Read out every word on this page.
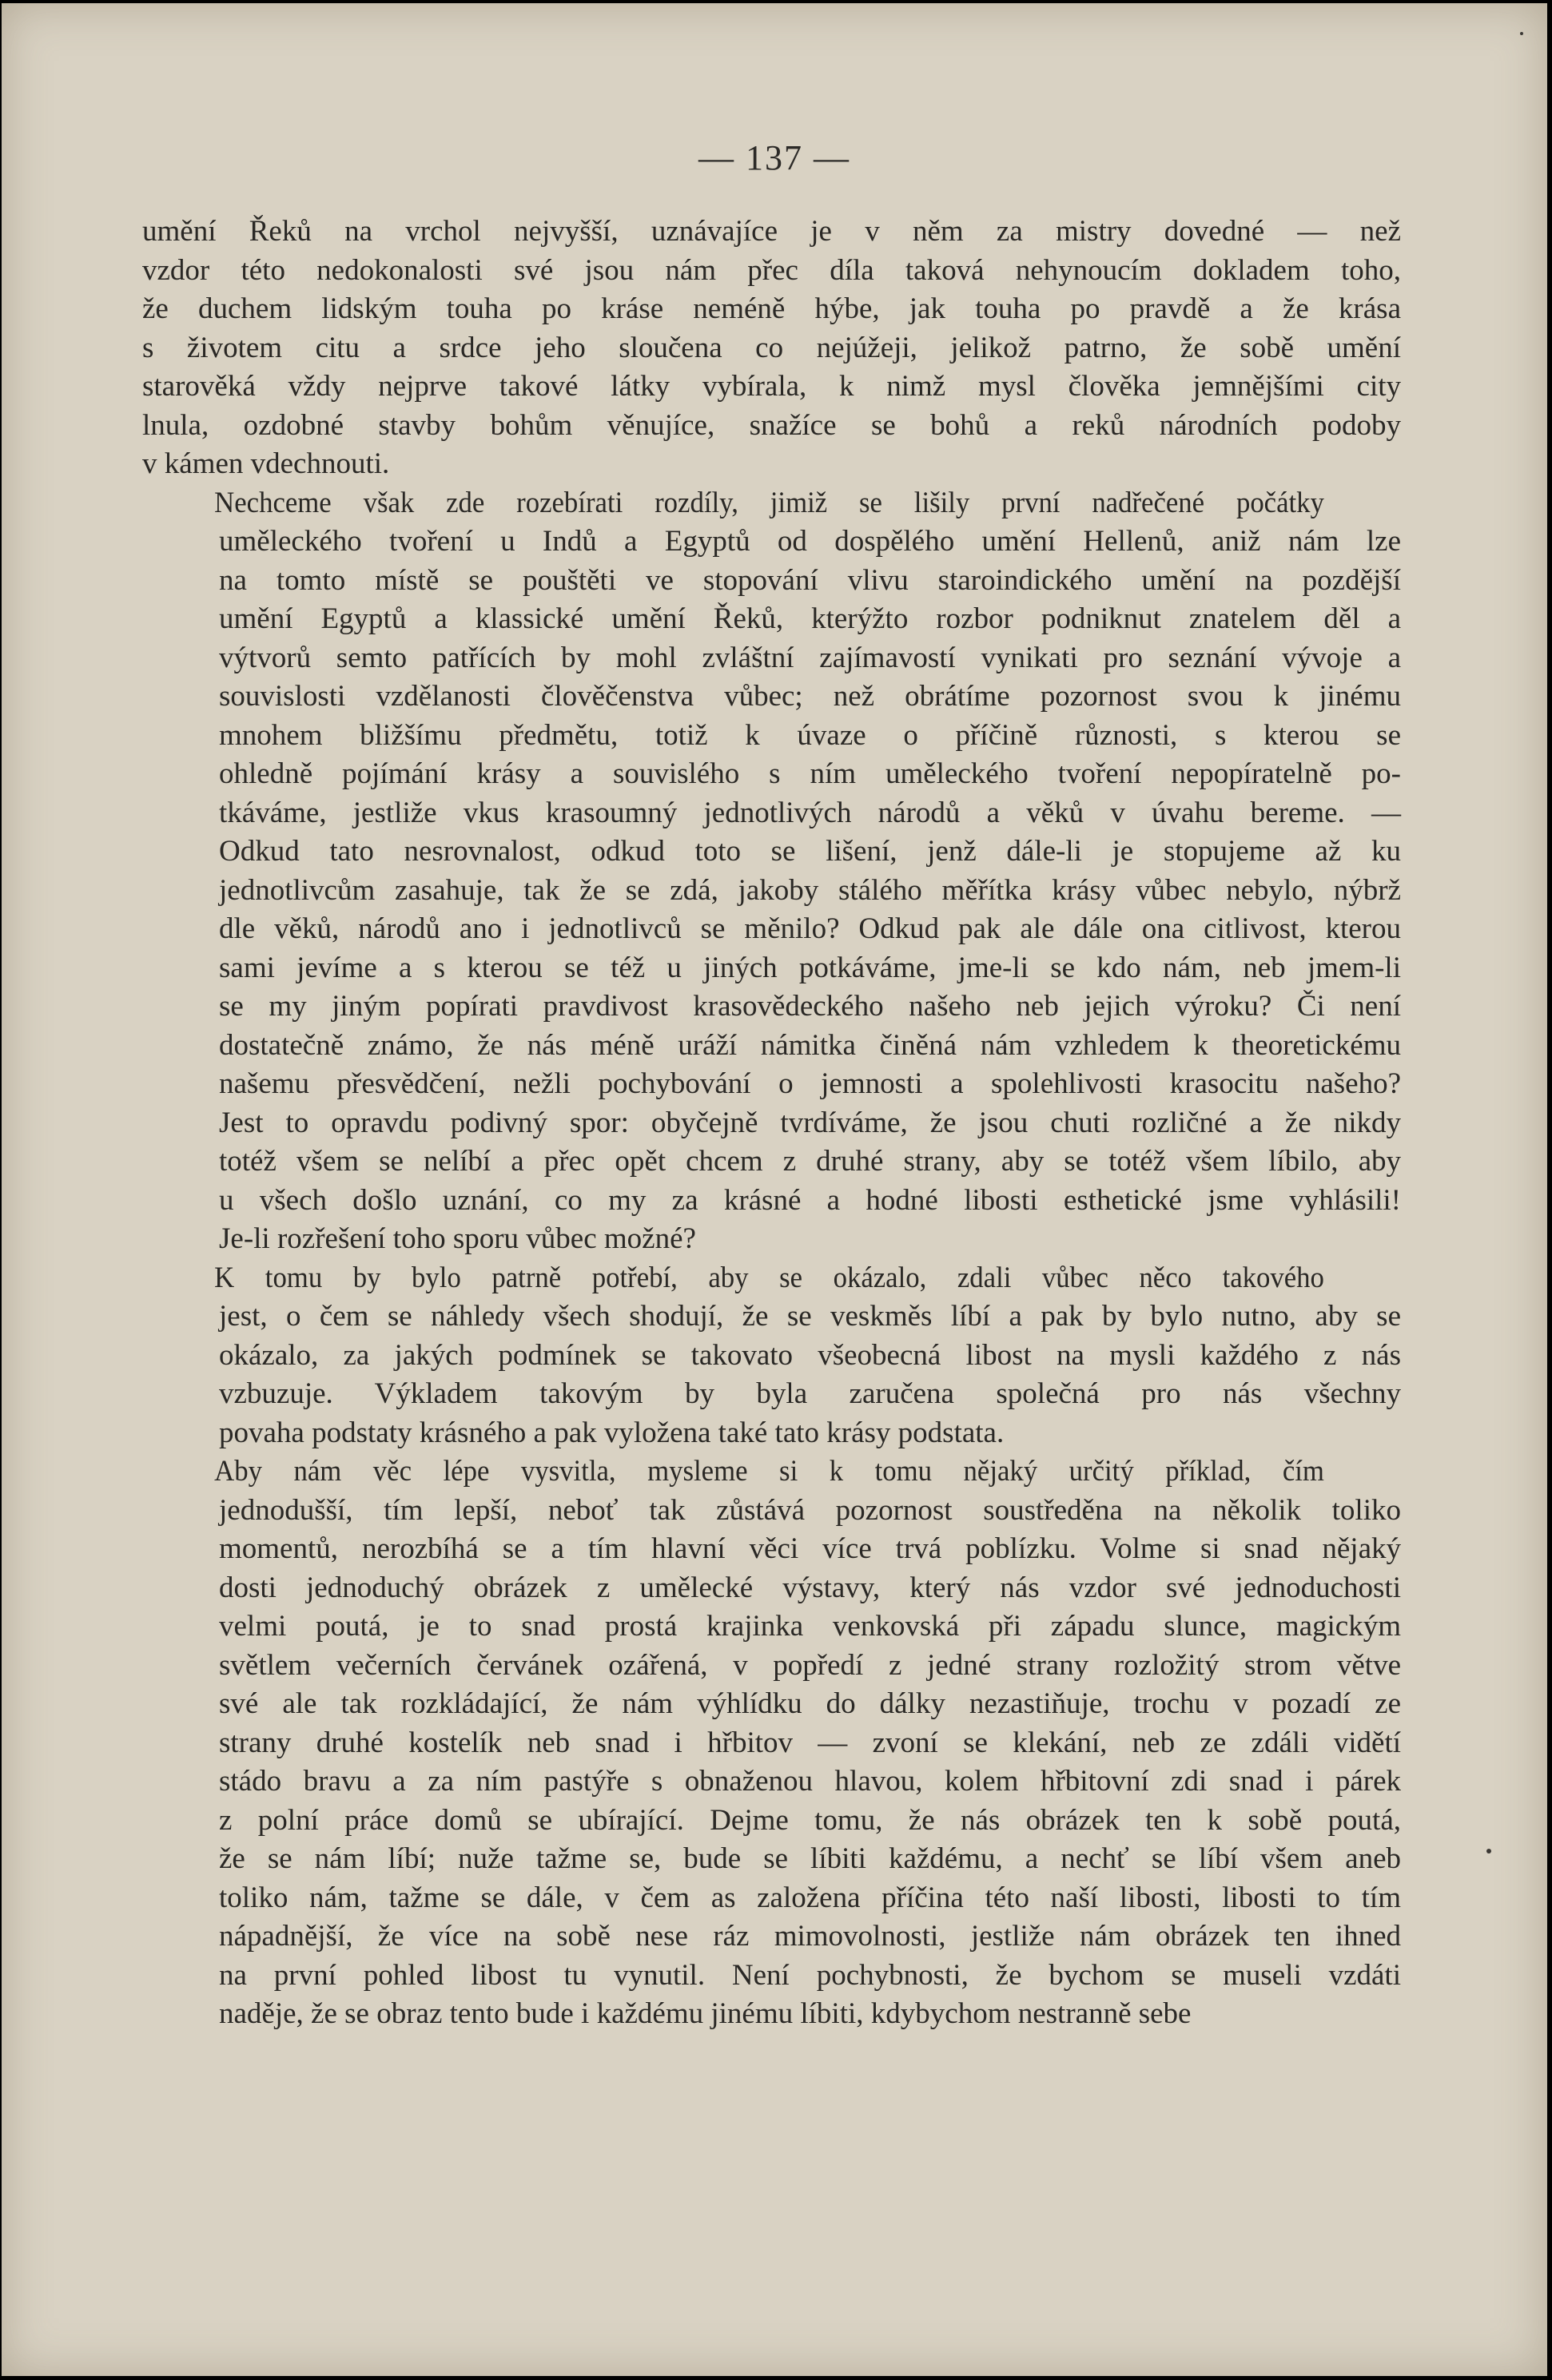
— 137 —
umění Řeků na vrchol nejvyšší, uznávajíce je v něm za mistry dovedné — než
vzdor této nedokonalosti své jsou nám přec díla taková nehynoucím dokladem toho,
že duchem lidským touha po kráse neméně hýbe, jak touha po pravdě a že krása
s životem citu a srdce jeho sloučena co nejúžeji, jelikož patrno, že sobě umění
starověká vždy nejprve takové látky vybírala, k nimž mysl člověka jemnějšími city
lnula, ozdobné stavby bohům věnujíce, snažíce se bohů a reků národních podoby
v kámen vdechnouti.
Nechceme však zde rozebírati rozdíly, jimiž se lišily první nadřečené počátky
uměleckého tvoření u Indů a Egyptů od dospělého umění Hellenů, aniž nám lze
na tomto místě se pouštěti ve stopování vlivu staroindického umění na pozdější
umění Egyptů a klassické umění Řeků, kterýžto rozbor podniknut znatelem děl a
výtvorů semto patřících by mohl zvláštní zajímavostí vynikati pro seznání vývoje a
souvislosti vzdělanosti člověčenstva vůbec; než obrátíme pozornost svou k jinému
mnohem bližšímu předmětu, totiž k úvaze o příčině různosti, s kterou se
ohledně pojímání krásy a souvislého s ním uměleckého tvoření nepopíratelně po-
tkáváme, jestliže vkus krasoumný jednotlivých národů a věků v úvahu bereme. —
Odkud tato nesrovnalost, odkud toto se lišení, jenž dále-li je stopujeme až ku
jednotlivcům zasahuje, tak že se zdá, jakoby stálého měřítka krásy vůbec nebylo, nýbrž
dle věků, národů ano i jednotlivců se měnilo? Odkud pak ale dále ona citlivost, kterou
sami jevíme a s kterou se též u jiných potkáváme, jme-li se kdo nám, neb jmem-li
se my jiným popírati pravdivost krasovědeckého našeho neb jejich výroku? Či není
dostatečně známo, že nás méně uráží námitka činěná nám vzhledem k theoretickému
našemu přesvědčení, nežli pochybování o jemnosti a spolehlivosti krasocitu našeho?
Jest to opravdu podivný spor: obyčejně tvrdíváme, že jsou chuti rozličné a že nikdy
totéž všem se nelíbí a přec opět chcem z druhé strany, aby se totéž všem líbilo, aby
u všech došlo uznání, co my za krásné a hodné libosti esthetické jsme vyhlásili!
Je-li rozřešení toho sporu vůbec možné?
K tomu by bylo patrně potřebí, aby se okázalo, zdali vůbec něco takového
jest, o čem se náhledy všech shodují, že se veskměs líbí a pak by bylo nutno, aby se
okázalo, za jakých podmínek se takovato všeobecná libost na mysli každého z nás
vzbuzuje. Výkladem takovým by byla zaručena společná pro nás všechny
povaha podstaty krásného a pak vyložena také tato krásy podstata.
Aby nám věc lépe vysvitla, mysleme si k tomu nějaký určitý příklad, čím
jednodušší, tím lepší, neboť tak zůstává pozornost soustředěna na několik toliko
momentů, nerozbíhá se a tím hlavní věci více trvá poblízku. Volme si snad nějaký
dosti jednoduchý obrázek z umělecké výstavy, který nás vzdor své jednoduchosti
velmi poutá, je to snad prostá krajinka venkovská při západu slunce, magickým
světlem večerních červánek ozářená, v popředí z jedné strany rozložitý strom větve
své ale tak rozkládající, že nám výhlídku do dálky nezastiňuje, trochu v pozadí ze
strany druhé kostelík neb snad i hřbitov — zvoní se klekání, neb ze zdáli vidětí
stádo bravu a za ním pastýře s obnaženou hlavou, kolem hřbitovní zdi snad i párek
z polní práce domů se ubírající. Dejme tomu, že nás obrázek ten k sobě poutá,
že se nám líbí; nuže tažme se, bude se líbiti každému, a nechť se líbí všem aneb
toliko nám, tažme se dále, v čem as založena příčina této naší libosti, libosti to tím
nápadnější, že více na sobě nese ráz mimovolnosti, jestliže nám obrázek ten ihned
na první pohled libost tu vynutil. Není pochybnosti, že bychom se museli vzdáti
naděje, že se obraz tento bude i každému jinému líbiti, kdybychom nestranně sebe
